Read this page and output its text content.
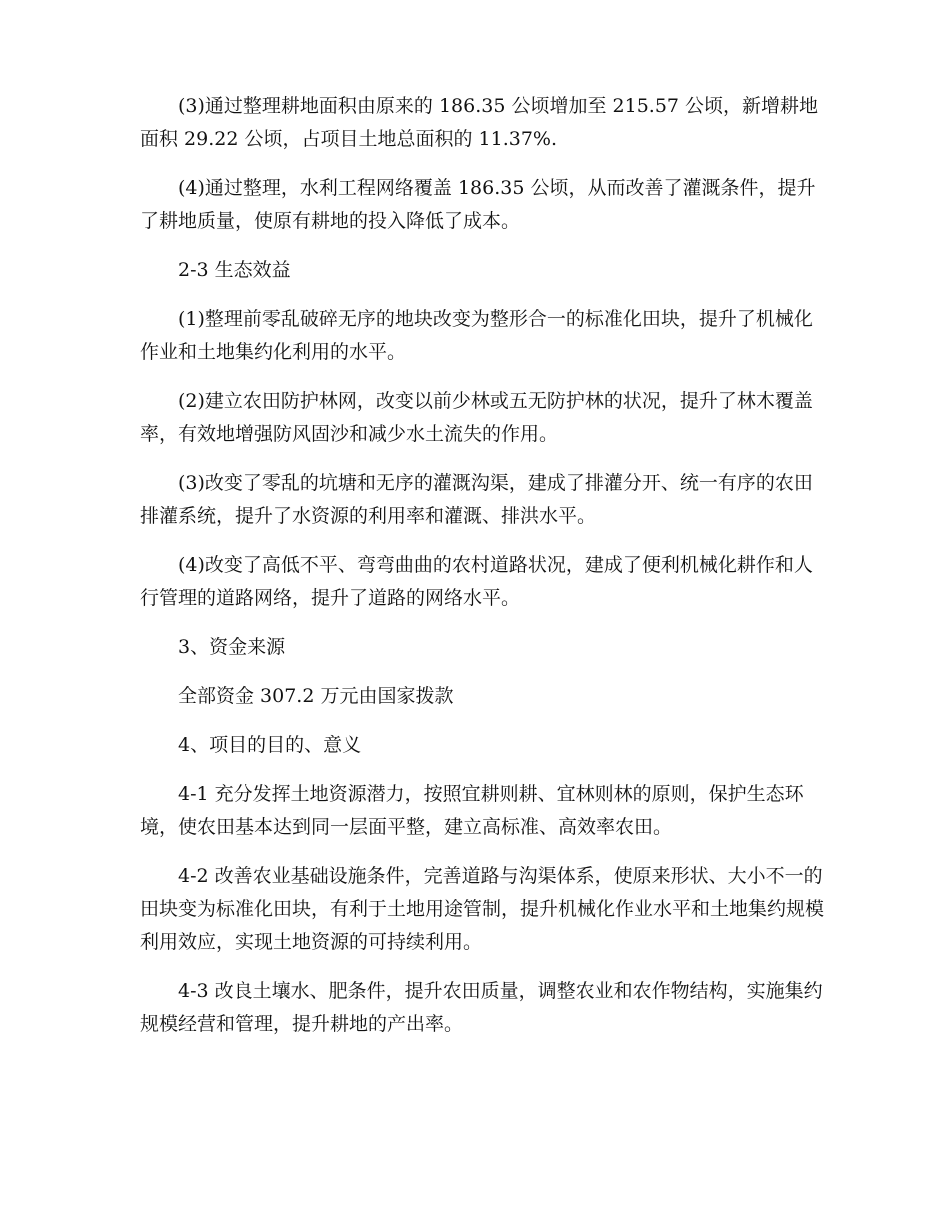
(3)通过整理耕地面积由原来的 186.35 公顷增加至 215.57 公顷，新增耕地面积 29.22 公顷，占项目土地总面积的 11.37%.

(4)通过整理，水利工程网络覆盖 186.35 公顷，从而改善了灌溉条件，提升了耕地质量，使原有耕地的投入降低了成本。

2-3 生态效益

(1)整理前零乱破碎无序的地块改变为整形合一的标准化田块，提升了机械化作业和土地集约化利用的水平。

(2)建立农田防护林网，改变以前少林或五无防护林的状况，提升了林木覆盖率，有效地增强防风固沙和减少水土流失的作用。

(3)改变了零乱的坑塘和无序的灌溉沟渠，建成了排灌分开、统一有序的农田排灌系统，提升了水资源的利用率和灌溉、排洪水平。

(4)改变了高低不平、弯弯曲曲的农村道路状况，建成了便利机械化耕作和人行管理的道路网络，提升了道路的网络水平。

3、资金来源

全部资金 307.2 万元由国家拨款

4、项目的目的、意义

4-1 充分发挥土地资源潜力，按照宜耕则耕、宜林则林的原则，保护生态环境，使农田基本达到同一层面平整，建立高标准、高效率农田。

4-2 改善农业基础设施条件，完善道路与沟渠体系，使原来形状、大小不一的田块变为标准化田块，有利于土地用途管制，提升机械化作业水平和土地集约规模利用效应，实现土地资源的可持续利用。

4-3 改良土壤水、肥条件，提升农田质量，调整农业和农作物结构，实施集约规模经营和管理，提升耕地的产出率。
